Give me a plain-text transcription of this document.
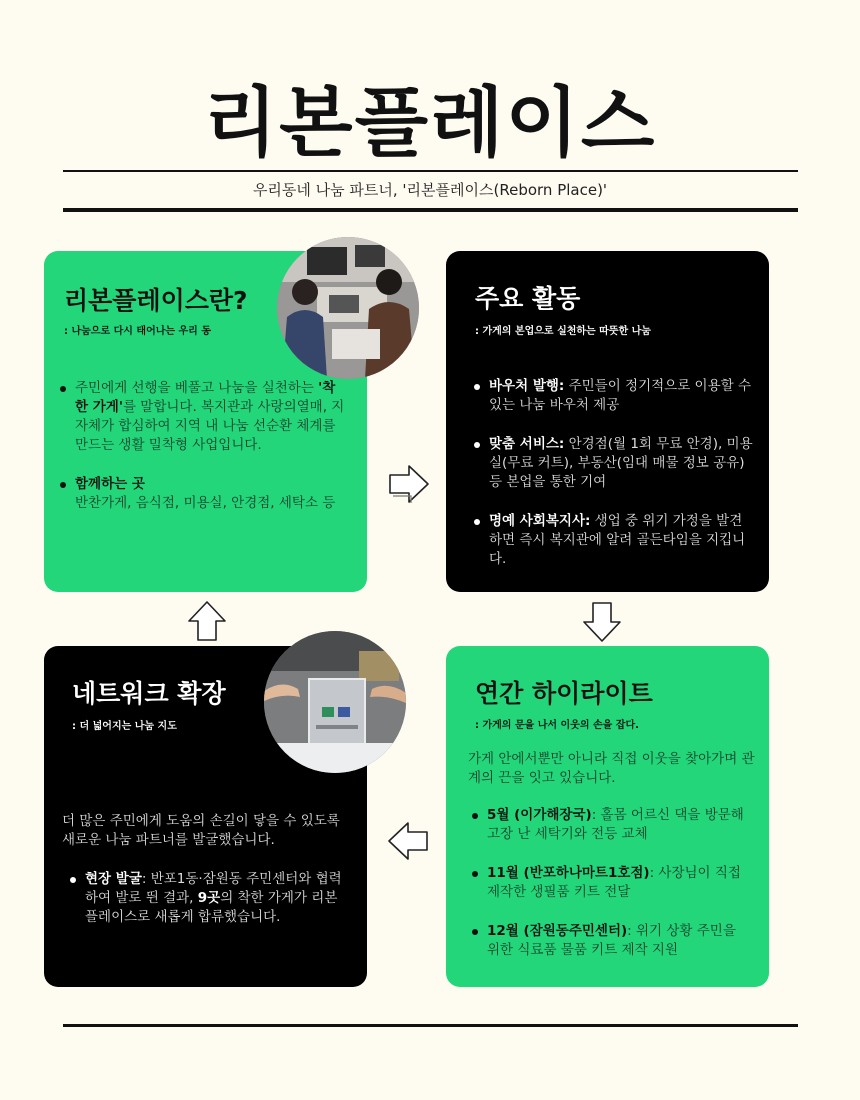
리본플레이스
우리동네 나눔 파트너, '리본플레이스(Reborn Place)'
리본플레이스란?
: 나눔으로 다시 태어나는 우리 동
주민에게 선행을 베풀고 나눔을 실천하는 '착한 가게'를 말합니다. 복지관과 사랑의열매, 지자체가 합심하여 지역 내 나눔 선순환 체계를 만드는 생활 밀착형 사업입니다.
함께하는 곳
반찬가게, 음식점, 미용실, 안경점, 세탁소 등
주요 활동
: 가게의 본업으로 실천하는 따뜻한 나눔
바우처 발행: 주민들이 정기적으로 이용할 수 있는 나눔 바우처 제공
맞춤 서비스: 안경점(월 1회 무료 안경), 미용실(무료 커트), 부동산(임대 매물 정보 공유) 등 본업을 통한 기여
명예 사회복지사: 생업 중 위기 가정을 발견하면 즉시 복지관에 알려 골든타임을 지킵니다.
네트워크 확장
: 더 넓어지는 나눔 지도
더 많은 주민에게 도움의 손길이 닿을 수 있도록 새로운 나눔 파트너를 발굴했습니다.
현장 발굴: 반포1동·잠원동 주민센터와 협력하여 발로 뛴 결과, 9곳의 착한 가게가 리본플레이스로 새롭게 합류했습니다.
연간 하이라이트
: 가게의 문을 나서 이웃의 손을 잡다.
가게 안에서뿐만 아니라 직접 이웃을 찾아가며 관계의 끈을 잇고 있습니다.
5월 (이가해장국): 홀몸 어르신 댁을 방문해 고장 난 세탁기와 전등 교체
11월 (반포하나마트1호점): 사장님이 직접 제작한 생필품 키트 전달
12월 (잠원동주민센터): 위기 상황 주민을 위한 식료품 물품 키트 제작 지원
